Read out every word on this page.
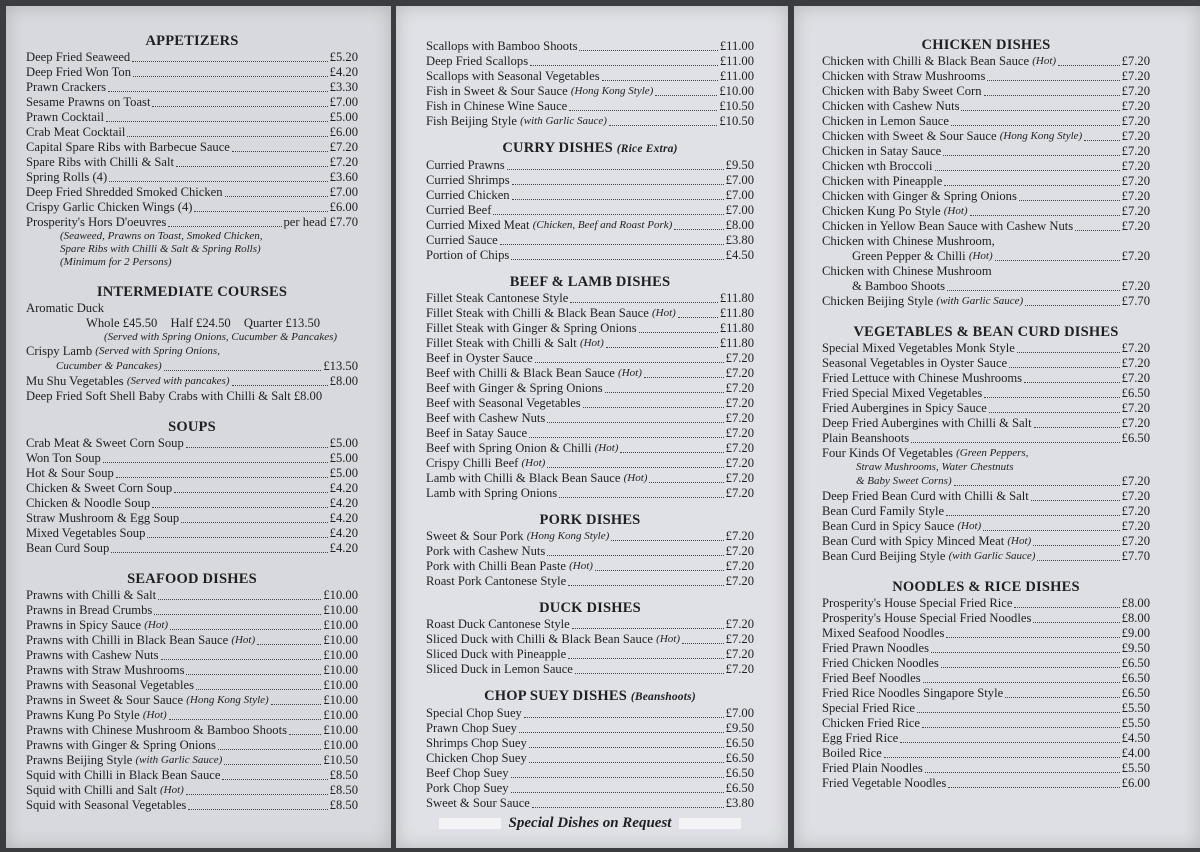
APPETIZERS
Deep Fried Seaweed	£5.20
Deep Fried Won Ton	£4.20
Prawn Crackers	£3.30
Sesame Prawns on Toast	£7.00
Prawn Cocktail	£5.00
Crab Meat Cocktail	£6.00
Capital Spare Ribs with Barbecue Sauce	£7.20
Spare Ribs with Chilli & Salt	£7.20
Spring Rolls (4)	£3.60
Deep Fried Shredded Smoked Chicken	£7.00
Crispy Garlic Chicken Wings (4)	£6.00
Prosperity's Hors D'oeuvres	per head £7.70
(Seaweed, Prawns on Toast, Smoked Chicken,
Spare Ribs with Chilli & Salt & Spring Rolls)
(Minimum for 2 Persons)
INTERMEDIATE COURSES
Aromatic Duck
Whole £45.50 Half £24.50 Quarter £13.50
(Served with Spring Onions, Cucumber & Pancakes)
Crispy Lamb
(Served with Spring Onions,
Cucumber & Pancakes)	£13.50
Mu Shu Vegetables
(Served with pancakes)	£8.00
Deep Fried Soft Shell Baby Crabs with Chilli & Salt £8.00
SOUPS
Crab Meat & Sweet Corn Soup	£5.00
Won Ton Soup	£5.00
Hot & Sour Soup	£5.00
Chicken & Sweet Corn Soup	£4.20
Chicken & Noodle Soup	£4.20
Straw Mushroom & Egg Soup	£4.20
Mixed Vegetables Soup	£4.20
Bean Curd Soup	£4.20
SEAFOOD DISHES
Prawns with Chilli & Salt	£10.00
Prawns in Bread Crumbs	£10.00
Prawns in Spicy Sauce
(Hot)	£10.00
Prawns with Chilli in Black Bean Sauce
(Hot)	£10.00
Prawns with Cashew Nuts	£10.00
Prawns with Straw Mushrooms	£10.00
Prawns with Seasonal Vegetables	£10.00
Prawns in Sweet & Sour Sauce
(Hong Kong Style)	£10.00
Prawns Kung Po Style
(Hot)	£10.00
Prawns with Chinese Mushroom & Bamboo Shoots	£10.00
Prawns with Ginger & Spring Onions	£10.00
Prawns Beijing Style
(with Garlic Sauce)	£10.50
Squid with Chilli in Black Bean Sauce	£8.50
Squid with Chilli and Salt
(Hot)	£8.50
Squid with Seasonal Vegetables	£8.50
Scallops with Bamboo Shoots	£11.00
Deep Fried Scallops	£11.00
Scallops with Seasonal Vegetables	£11.00
Fish in Sweet & Sour Sauce
(Hong Kong Style)	£10.00
Fish in Chinese Wine Sauce	£10.50
Fish Beijing Style
(with Garlic Sauce)	£10.50
CURRY DISHES (Rice Extra)
Curried Prawns	£9.50
Curried Shrimps	£7.00
Curried Chicken	£7.00
Curried Beef	£7.00
Curried Mixed Meat
(Chicken, Beef and Roast Pork)	£8.00
Curried Sauce	£3.80
Portion of Chips	£4.50
BEEF & LAMB DISHES
Fillet Steak Cantonese Style	£11.80
Fillet Steak with Chilli & Black Bean Sauce
(Hot)	£11.80
Fillet Steak with Ginger & Spring Onions	£11.80
Fillet Steak with Chilli & Salt
(Hot)	£11.80
Beef in Oyster Sauce	£7.20
Beef with Chilli & Black Bean Sauce
(Hot)	£7.20
Beef with Ginger & Spring Onions	£7.20
Beef with Seasonal Vegetables	£7.20
Beef with Cashew Nuts	£7.20
Beef in Satay Sauce	£7.20
Beef with Spring Onion & Chilli
(Hot)	£7.20
Crispy Chilli Beef
(Hot)	£7.20
Lamb with Chilli & Black Bean Sauce
(Hot)	£7.20
Lamb with Spring Onions	£7.20
PORK DISHES
Sweet & Sour Pork
(Hong Kong Style)	£7.20
Pork with Cashew Nuts	£7.20
Pork with Chilli Bean Paste
(Hot)	£7.20
Roast Pork Cantonese Style	£7.20
DUCK DISHES
Roast Duck Cantonese Style	£7.20
Sliced Duck with Chilli & Black Bean Sauce
(Hot)	£7.20
Sliced Duck with Pineapple	£7.20
Sliced Duck in Lemon Sauce	£7.20
CHOP SUEY DISHES (Beanshoots)
Special Chop Suey	£7.00
Prawn Chop Suey	£9.50
Shrimps Chop Suey	£6.50
Chicken Chop Suey	£6.50
Beef Chop Suey	£6.50
Pork Chop Suey	£6.50
Sweet & Sour Sauce	£3.80
Special Dishes on Request
CHICKEN DISHES
Chicken with Chilli & Black Bean Sauce
(Hot)	£7.20
Chicken with Straw Mushrooms	£7.20
Chicken with Baby Sweet Corn	£7.20
Chicken with Cashew Nuts	£7.20
Chicken in Lemon Sauce	£7.20
Chicken with Sweet & Sour Sauce
(Hong Kong Style)	£7.20
Chicken in Satay Sauce	£7.20
Chicken wth Broccoli	£7.20
Chicken with Pineapple	£7.20
Chicken with Ginger & Spring Onions	£7.20
Chicken Kung Po Style
(Hot)	£7.20
Chicken in Yellow Bean Sauce with Cashew Nuts	£7.20
Chicken with Chinese Mushroom,
Green Pepper & Chilli
(Hot)	£7.20
Chicken with Chinese Mushroom
& Bamboo Shoots	£7.20
Chicken Beijing Style
(with Garlic Sauce)	£7.70
VEGETABLES & BEAN CURD DISHES
Special Mixed Vegetables Monk Style	£7.20
Seasonal Vegetables in Oyster Sauce	£7.20
Fried Lettuce with Chinese Mushrooms	£7.20
Fried Special Mixed Vegetables	£6.50
Fried Aubergines in Spicy Sauce	£7.20
Deep Fried Aubergines with Chilli & Salt	£7.20
Plain Beanshoots	£6.50
Four Kinds Of Vegetables
(Green Peppers,
Straw Mushrooms, Water Chestnuts
& Baby Sweet Corns)	£7.20
Deep Fried Bean Curd with Chilli & Salt	£7.20
Bean Curd Family Style	£7.20
Bean Curd in Spicy Sauce
(Hot)	£7.20
Bean Curd with Spicy Minced Meat
(Hot)	£7.20
Bean Curd Beijing Style
(with Garlic Sauce)	£7.70
NOODLES & RICE DISHES
Prosperity's House Special Fried Rice	£8.00
Prosperity's House Special Fried Noodles	£8.00
Mixed Seafood Noodles	£9.00
Fried Prawn Noodles	£9.50
Fried Chicken Noodles	£6.50
Fried Beef Noodles	£6.50
Fried Rice Noodles Singapore Style	£6.50
Special Fried Rice	£5.50
Chicken Fried Rice	£5.50
Egg Fried Rice	£4.50
Boiled Rice	£4.00
Fried Plain Noodles	£5.50
Fried Vegetable Noodles	£6.00
